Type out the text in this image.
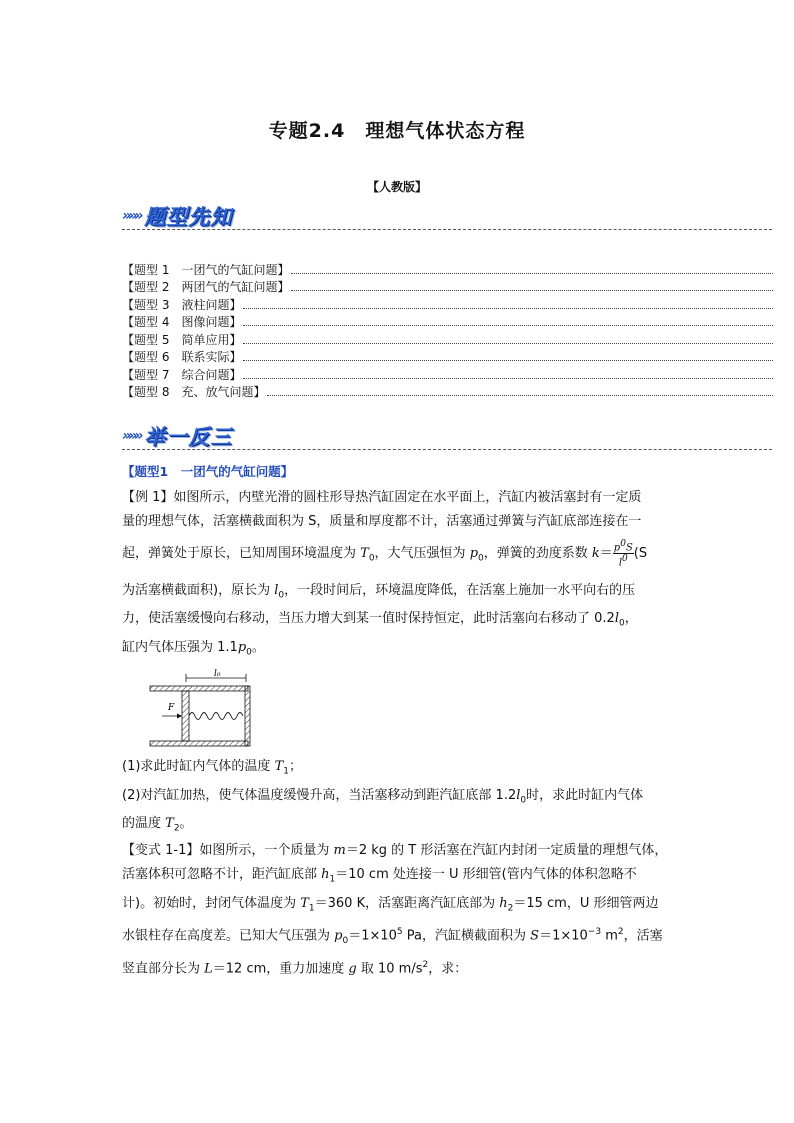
专题2.4　理想气体状态方程
【人教版】
»»» 题型先知
【题型 1　一团气的气缸问题】
【题型 2　两团气的气缸问题】
【题型 3　液柱问题】
【题型 4　图像问题】
【题型 5　简单应用】
【题型 6　联系实际】
【题型 7　综合问题】
【题型 8　充、放气问题】
»»» 举一反三
【题型1　一团气的气缸问题】
【例 1】如图所示，内壁光滑的圆柱形导热汽缸固定在水平面上，汽缸内被活塞封有一定质
量的理想气体，活塞横截面积为 S，质量和厚度都不计，活塞通过弹簧与汽缸底部连接在一
起，弹簧处于原长，已知周围环境温度为 $T_0$，大气压强恒为 $p_0$，弹簧的劲度系数 $k= \frac{p^0S}{l^0} (S$
为活塞横截面积)，原长为 $l_0$，一段时间后，环境温度降低，在活塞上施加一水平向右的压
力，使活塞缓慢向右移动，当压力增大到某一值时保持恒定，此时活塞向右移动了 $0.2l_0$，
缸内气体压强为 $1.1p_0$。
l₀
F
(1)求此时缸内气体的温度 $T_1$；
(2)对汽缸加热，使气体温度缓慢升高，当活塞移动到距汽缸底部 $1.2l_0$时，求此时缸内气体
的温度 $T_2$。
【变式 1-1】如图所示，一个质量为 m＝2 kg 的 T 形活塞在汽缸内封闭一定质量的理想气体，
活塞体积可忽略不计，距汽缸底部 $h_1=10$ cm 处连接一 U 形细管(管内气体的体积忽略不
计)。初始时，封闭气体温度为 $T_1=360$ K，活塞距离汽缸底部为 $h_2=15$ cm，U 形细管两边
水银柱存在高度差。已知大气压强为 $p_0=1\times 10^5$ Pa，汽缸横截面积为 $S=1\times 10^{-3}$ $m^2$，活塞
竖直部分长为 L＝12 cm，重力加速度 g 取 10 $m/s^2$，求：
